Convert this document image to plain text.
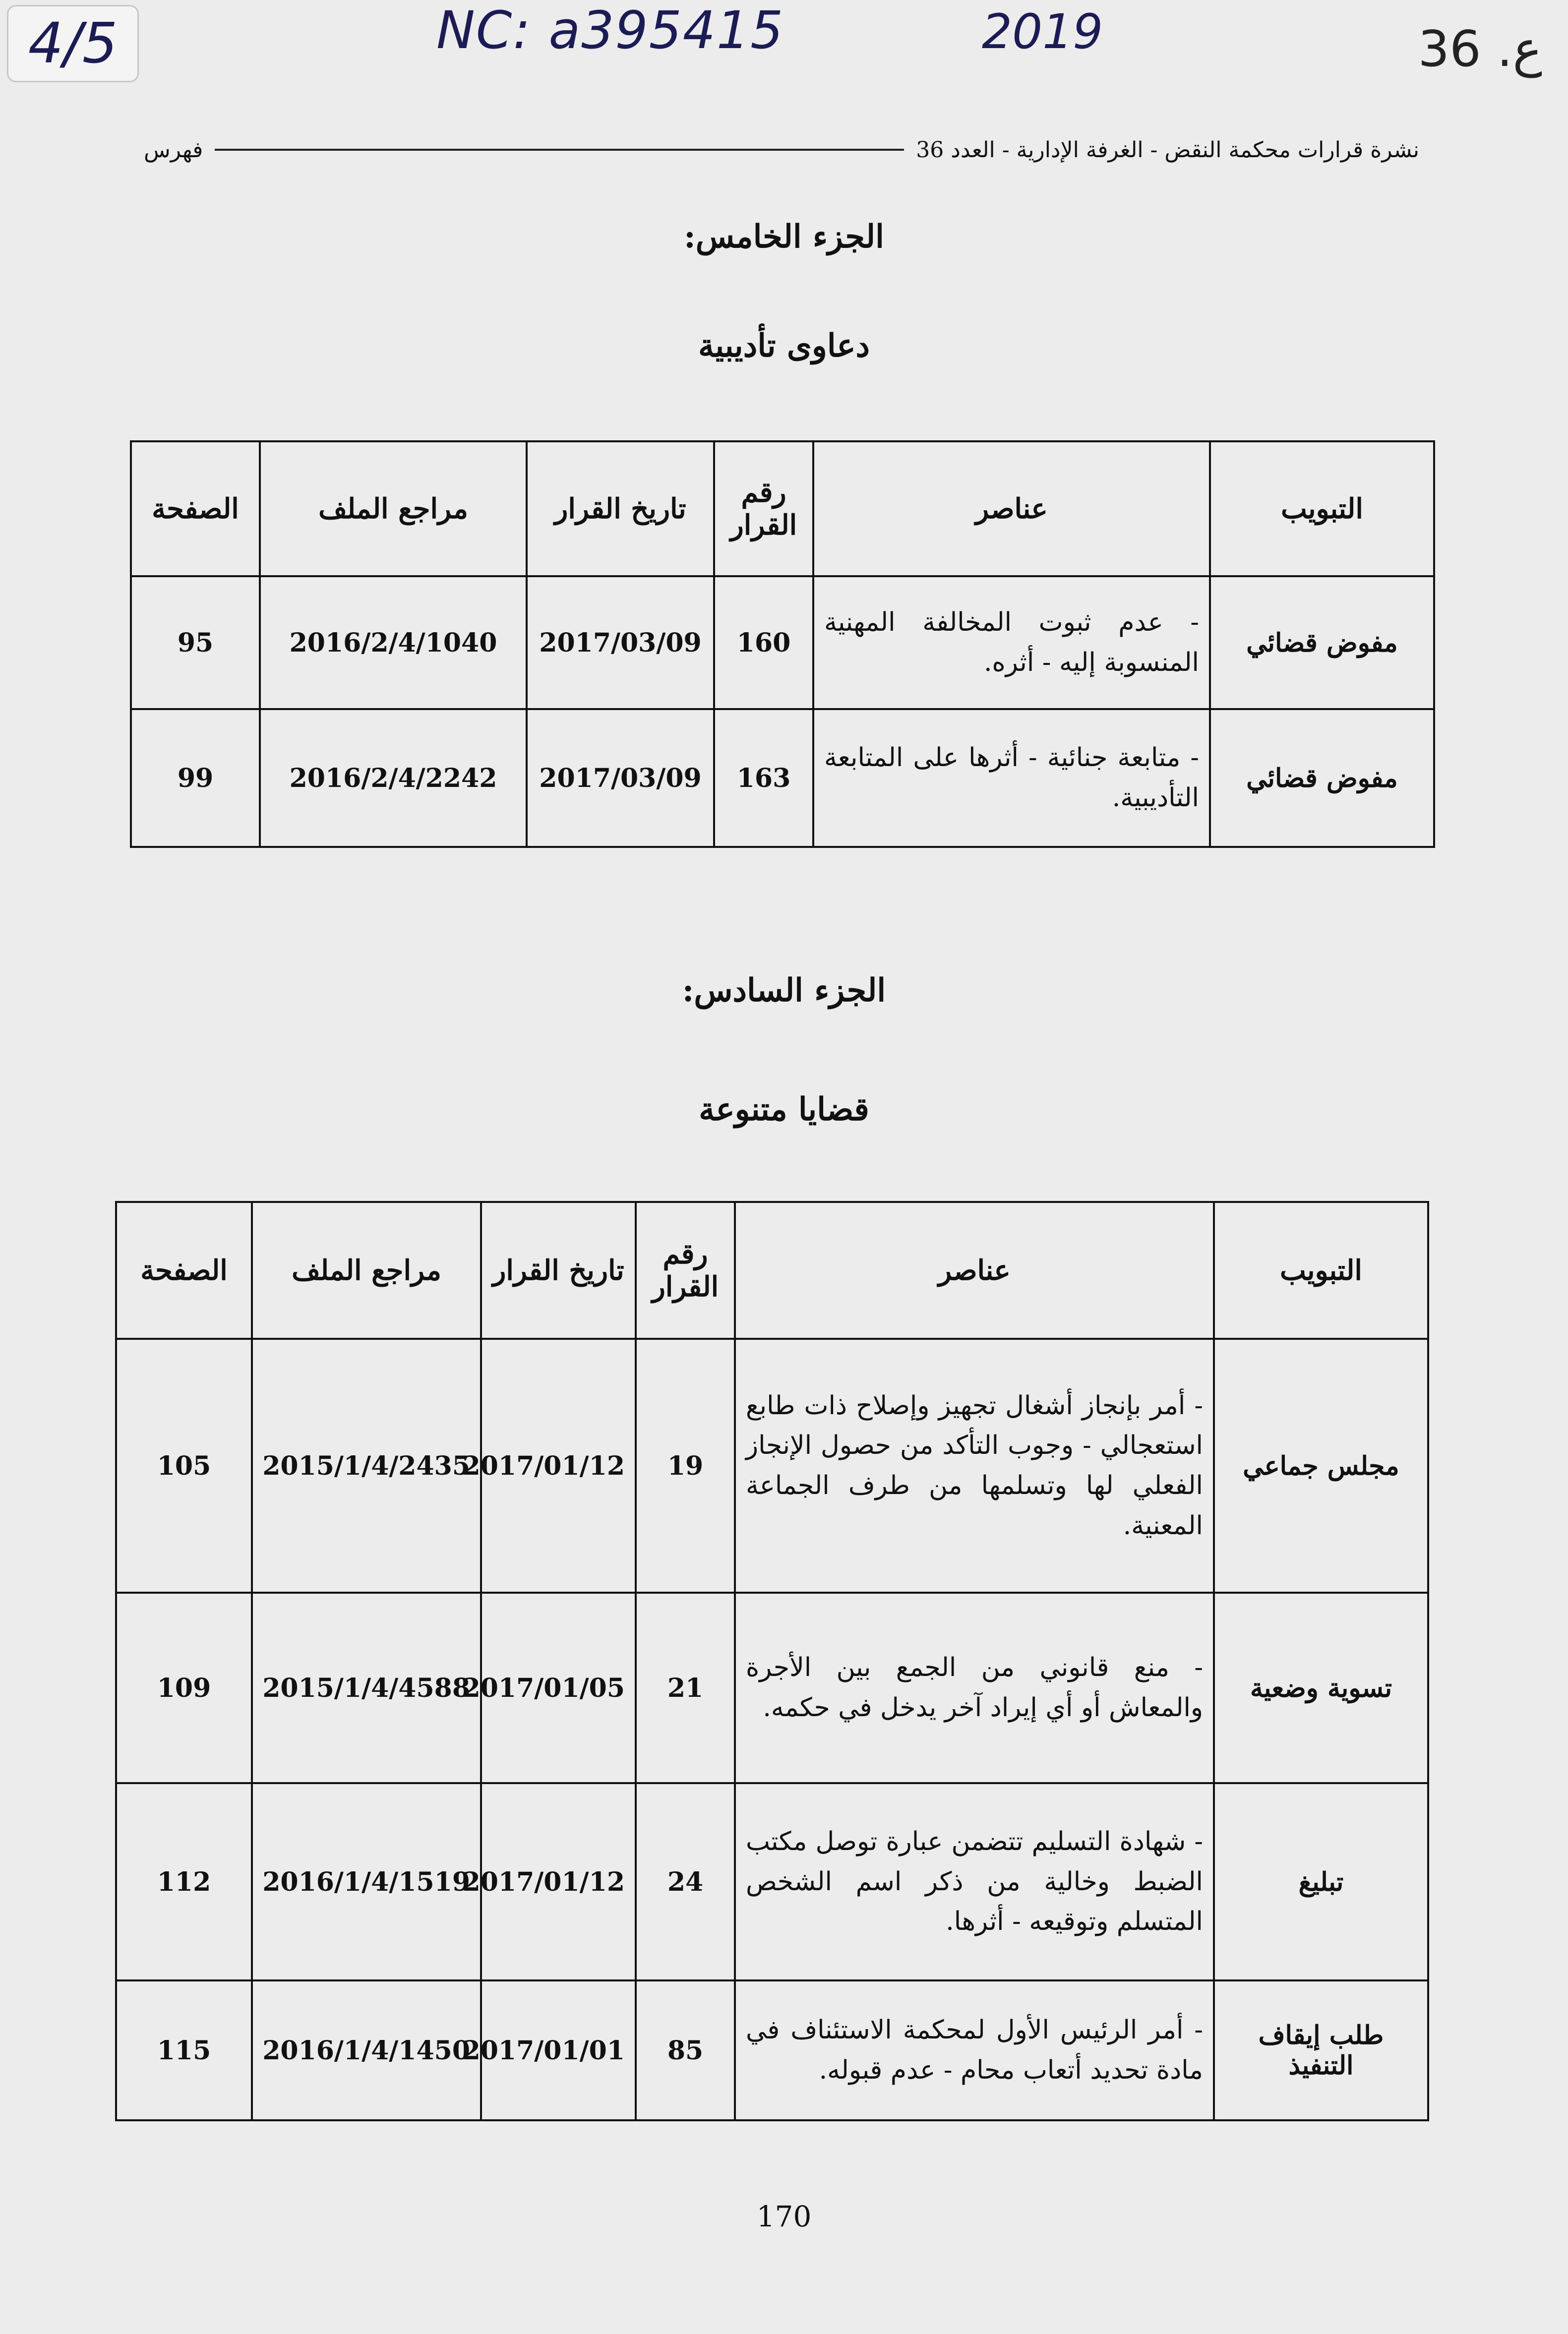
4/5	NC: a395415	2019	36 .ع
نشرة قرارات محكمة النقض - الغرفة الإدارية - العدد 36
فهرس
الجزء الخامس:
دعاوى تأديبية
التبويب	عناصر	رقم القرار	تاريخ القرار	مراجع الملف	الصفحة
مفوض قضائي	- عدم ثبوت المخالفة المهنية المنسوبة إليه - أثره.	160	2017/03/09	2016/2/4/1040	95
مفوض قضائي	- متابعة جنائية - أثرها على المتابعة التأديبية.	163	2017/03/09	2016/2/4/2242	99
الجزء السادس:
قضايا متنوعة
التبويب	عناصر	رقم القرار	تاريخ القرار	مراجع الملف	الصفحة
مجلس جماعي	- أمر بإنجاز أشغال تجهيز وإصلاح ذات طابع استعجالي - وجوب التأكد من حصول الإنجاز الفعلي لها وتسلمها من طرف الجماعة المعنية.	19	2017/01/12	2015/1/4/2435	105
تسوية وضعية	- منع قانوني من الجمع بين الأجرة والمعاش أو أي إيراد آخر يدخل في حكمه.	21	2017/01/05	2015/1/4/4588	109
تبليغ	- شهادة التسليم تتضمن عبارة توصل مكتب الضبط وخالية من ذكر اسم الشخص المتسلم وتوقيعه - أثرها.	24	2017/01/12	2016/1/4/1519	112
طلب إيقاف التنفيذ	- أمر الرئيس الأول لمحكمة الاستئناف في مادة تحديد أتعاب محام - عدم قبوله.	85	2017/01/01	2016/1/4/1450	115
170
